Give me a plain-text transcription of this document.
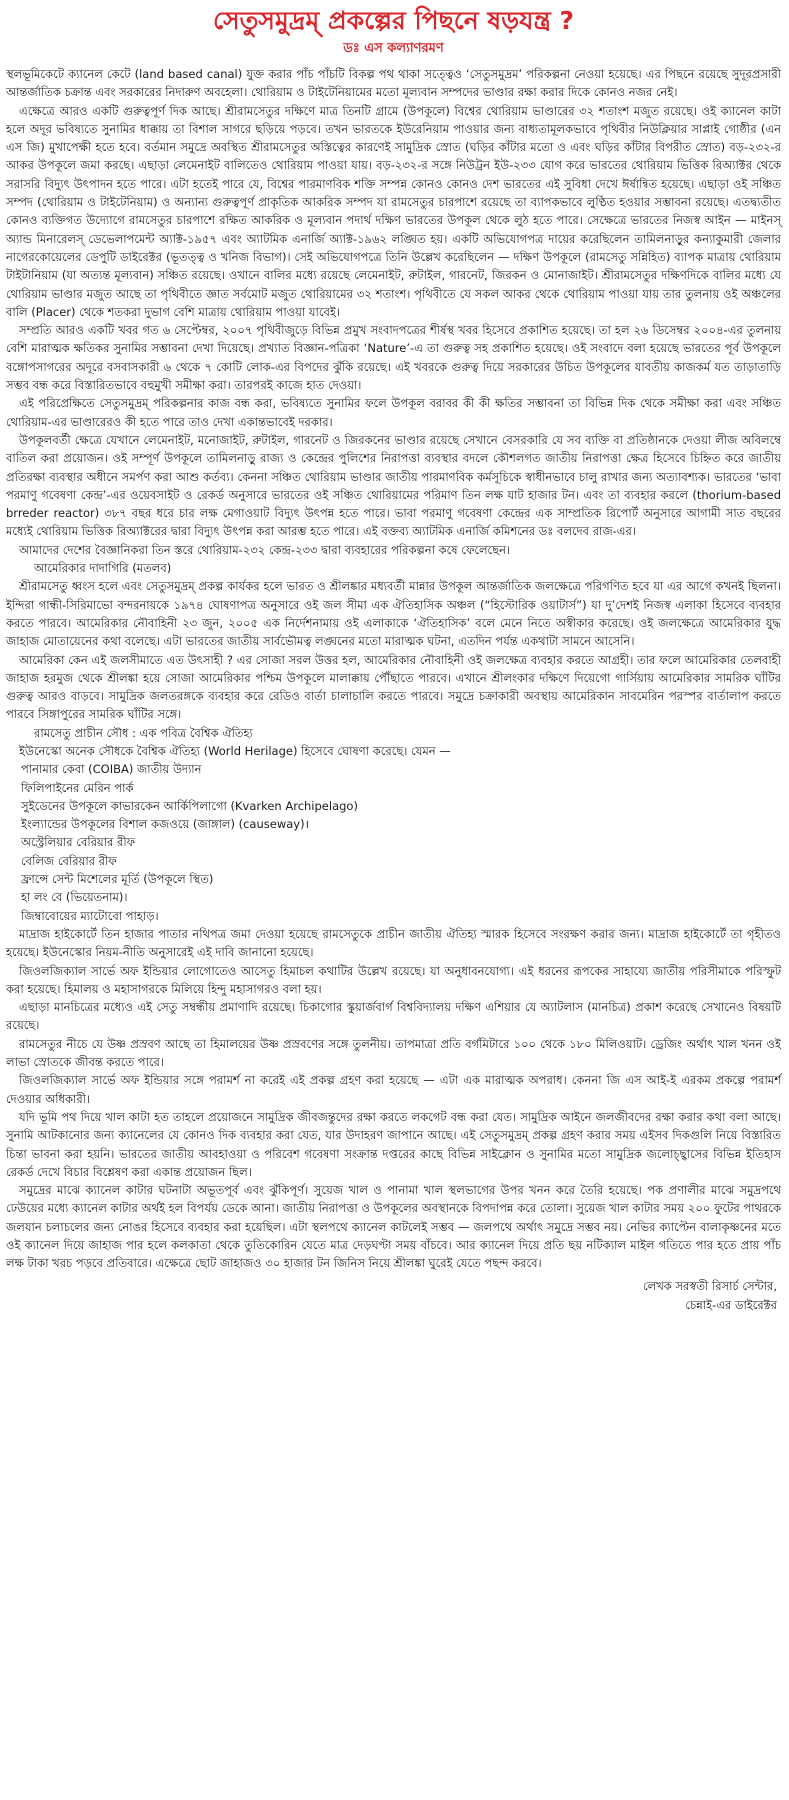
সেতুসমুদ্রম্‌ প্রকল্পের পিছনে ষড়যন্ত্র ?
ডঃ এস কল্যাণরমণ

স্থলভূমিকেটে ক্যানেল কেটে (land based canal) যুক্ত করার পাঁচ পাঁচটি বিকল্প পথ থাকা সত্ত্বেও ‘সেতুসমুদ্রম’ পরিকল্পনা নেওয়া হয়েছে। এর পিছনে রয়েছে সুদূরপ্রসারী আন্তর্জাতিক চক্রান্ত এবং সরকারের নিদারুণ অবহেলা। থোরিয়াম ও টাইটেনিয়ামের মতো মূল্যবান সম্পদের ভাণ্ডার রক্ষা করার দিকে কোনও নজর নেই।

এক্ষেত্রে আরও একটি গুরুত্বপূর্ণ দিক আছে। শ্রীরামসেতুর দক্ষিণে মাত্র তিনটি গ্রামে (উপকূলে) বিশ্বের থোরিয়াম ভাণ্ডারের ৩২ শতাংশ মজুত রয়েছে। ওই ক্যানেল কাটা হলে অদূর ভবিষ্যতে সুনামির ধাক্কায় তা বিশাল সাগরে ছড়িয়ে পড়বে। তখন ভারতকে ইউরেনিয়াম পাওয়ার জন্য বাধ্যতামূলকভাবে পৃথিবীর নিউক্লিয়ার সাপ্লাই গোষ্ঠীর (এন এস জি) মুখাপেক্ষী হতে হবে। বর্তমান সমুদ্রে অবস্থিত শ্রীরামসেতুর অস্তিত্বের কারণেই সামুদ্রিক স্রোত (ঘড়ির কাঁটার মতো ও এবং ঘড়ির কাঁটার বিপরীত স্রোত) বড়-২৩২-র আকর উপকূলে জমা করছে। এছাড়া লেমেনাইট বালিতেও থোরিয়াম পাওয়া যায়। বড়-২৩২-র সঙ্গে নিউট্রন ইউ-২৩৩ যোগ করে ভারতের থোরিয়াম ভিত্তিক রিঅ্যাক্টর থেকে সরাসরি বিদ্যুৎ উৎপাদন হতে পারে। এটা হতেই পারে যে, বিশ্বের পারমাণবিক শক্তি সম্পন্ন কোনও কোনও দেশ ভারতের এই সুবিধা দেখে ঈর্ষান্বিত হয়েছে। এছাড়া ওই সঞ্চিত সম্পদ (থোরিয়াম ও টাইটেনিয়াম) ও অন্যান্য গুরুত্বপূর্ণ প্রাকৃতিক আকরিক সম্পদ যা রামসেতুর চারপাশে রয়েছে তা ব্যাপকভাবে লুণ্ঠিত হওয়ার সম্ভাবনা রয়েছে। এতদ্ব্যতীত কোনও ব্যক্তিগত উদ্যোগে রামসেতুর চারপাশে রক্ষিত আকরিক ও মূল্যবান পদার্থ দক্ষিণ ভারতের উপকূল থেকে লুঠ হতে পারে। সেক্ষেত্রে ভারতের নিজস্ব আইন — মাইনস্‌ অ্যান্ড মিনারেলস্‌ ডেভেলাপমেন্ট অ্যাক্ট-১৯৫৭ এবং অ্যাটমিক এনার্জি অ্যাক্ট-১৯৬২ লঙ্ঘিত হয়। একটি অভিযোগপত্র দায়ের করেছিলেন তামিলনাড়ুর কন্যাকুমারী জেলার নাগেরকোয়েলের ডেপুটি ডাইরেক্টর (ভূতত্ত্ব ও খনিজ বিভাগ)। সেই অভিযোগপত্রে তিনি উল্লেখ করেছিলেন — দক্ষিণ উপকূলে (রামসেতু সন্নিহিত) ব্যাপক মাত্রায় থোরিয়াম টাইটানিয়াম (যা অত্যন্ত মূল্যবান) সঞ্চিত রয়েছে। ওখানে বালির মধ্যে রয়েছে লেমেনাইট, রুটাইল, গারনেট, জিরকন ও মোনাজাইট। শ্রীরামসেতুর দক্ষিণদিকে বালির মধ্যে যে থোরিয়াম ভাণ্ডার মজুত আছে তা পৃথিবীতে জ্ঞাত সর্বমোট মজুত থোরিয়ামের ৩২ শতাংশ। পৃথিবীতে যে সকল আকর থেকে থোরিয়াম পাওয়া যায় তার তুলনায় ওই অঞ্চলের বালি (Placer) থেকে শতকরা দুভাগ বেশি মাত্রায় থোরিয়াম পাওয়া যাবেই।

সম্প্রতি আরও একটি খবর গত ৬ সেপ্টেম্বর, ২০০৭ পৃথিবীজুড়ে বিভিন্ন প্রমুখ সংবাদপত্রের শীর্ষস্থ খবর হিসেবে প্রকাশিত হয়েছে। তা হল ২৬ ডিসেম্বর ২০০৪-এর তুলনায় বেশি মারাত্মক ক্ষতিকর সুনামির সম্ভাবনা দেখা দিয়েছে। প্রখ্যাত বিজ্ঞান-পত্রিকা ‘Nature’-এ তা গুরুত্ব সহ প্রকাশিত হয়েছে। ওই সংবাদে বলা হয়েছে ভারতের পূর্ব উপকূলে বঙ্গোপসাগরের অদূরে বসবাসকারী ৬ থেকে ৭ কোটি লোক-এর বিপদের ঝুঁকি রয়েছে। এই খবরকে গুরুত্ব দিয়ে সরকারের উচিত উপকূলের যাবতীয় কাজকর্ম যত তাড়াতাড়ি সম্ভব বন্ধ করে বিস্তারিতভাবে বহুমুখী সমীক্ষা করা। তারপরই কাজে হাত দেওয়া।

এই পরিপ্রেক্ষিতে সেতুসমুদ্রম্‌ পরিকল্পনার কাজ বন্ধ করা, ভবিষ্যতে সুনামির ফলে উপকূল বরাবর কী কী ক্ষতির সম্ভাবনা তা বিভিন্ন দিক থেকে সমীক্ষা করা এবং সঞ্চিত থোরিয়াম-এর ভাণ্ডারেরও কী হতে পারে তাও দেখা একান্তভাবেই দরকার।

উপকূলবর্তী ক্ষেত্রে যেখানে লেমেনাইট, মনোজাইট, রুটাইল, গারনেট ও জিরকনের ভাণ্ডার রয়েছে সেখানে বেসরকারি যে সব ব্যক্তি বা প্রতিষ্ঠানকে দেওয়া লীজ অবিলম্বে বাতিল করা প্রয়োজন। ওই সম্পূর্ণ উপকূলে তামিলনাড়ু রাজ্য ও কেন্দ্রের পুলিশের নিরাপত্তা ব্যবস্থার বদলে কৌশলগত জাতীয় নিরাপত্তা ক্ষেত্র হিসেবে চিহ্নিত করে জাতীয় প্রতিরক্ষা ব্যবস্থার অধীনে সমর্পণ করা আশু কর্তব্য। কেননা সঞ্চিত থোরিয়াম ভাণ্ডার জাতীয় পারমাণবিক কর্মসূচিকে স্বাধীনভাবে চালু রাখার জন্য অত্যাবশ্যক। ভারতের ‘ভাবা পরমাণু গবেষণা কেন্দ্র’-এর ওয়েবসাইট ও রেকর্ড অনুসারে ভারতের ওই সঞ্চিত থোরিয়ামের পরিমাণ তিন লক্ষ যাট হাজার টন। এবং তা ব্যবহার করলে (thorium-based brreder reactor) ৩৮৭ বছর ধরে চার লক্ষ মেগাওয়াট বিদ্যুৎ উৎপন্ন হতে পারে। ভাবা পরমাণু গবেষণা কেন্দ্রের এক সাম্প্রতিক রিপোর্ট অনুসারে আগামী সাত বছরের মধ্যেই থোরিয়াম ভিত্তিক রিঅ্যাক্টরের দ্বারা বিদ্যুৎ উৎপন্ন করা আরম্ভ হতে পারে। এই বক্তব্য অ্যাটমিক এনার্জি কমিশনের ডঃ বলদেব রাজ-এর।

আমাদের দেশের বৈজ্ঞানিকরা তিন স্তরে থোরিয়াম-২৩২ কেন্দ্র-২৩৩ দ্বারা ব্যবহারের পরিকল্পনা কষে ফেলেছেন।

আমেরিকার দাদাগিরি (মতলব)

শ্রীরামসেতু ধ্বংস হলে এবং সেতুসমুদ্রম্‌ প্রকল্প কার্যকর হলে ভারত ও শ্রীলঙ্কার মধ্যবর্তী মান্নার উপকূল আন্তর্জাতিক জলক্ষেত্রে পরিগণিত হবে যা এর আগে কখনই ছিলনা। ইন্দিরা গান্ধী-সিরিমাভো বন্দরনায়কে ১৯৭৪ ঘোষণাপত্র অনুসারে ওই জল সীমা এক ঐতিহাসিক অঞ্চল (“হিস্টোরিক ওয়াটার্স”) যা দু’দেশই নিজস্ব এলাকা হিসেবে ব্যবহার করতে পারবে। আমেরিকার নৌবাহিনী ২৩ জুন, ২০০৫ এক নির্দেশনামায় ওই এলাকাকে ‘ঐতিহাসিক’ বলে মেনে নিতে অস্বীকার করেছে। ওই জলক্ষেত্রে আমেরিকার যুদ্ধ জাহাজ মোতায়েনের কথা বলেছে। এটা ভারতের জাতীয় সার্বভৌমত্ব লঙ্ঘনের মতো মারাত্মক ঘটনা, এতদিন পর্যন্ত একথাটা সামনে আসেনি।

আমেরিকা কেন এই জলসীমাতে এত উৎসাহী ? এর সোজা সরল উত্তর হল, আমেরিকার নৌবাহিনী ওই জলক্ষেত্র ব্যবহার করতে আগ্রহী। তার ফলে আমেরিকার তেলবাহী জাহাজ হরমুজ থেকে শ্রীলঙ্কা হয়ে সোজা আমেরিকার পশ্চিম উপকূলে মালাক্কায় পৌঁছাতে পারবে। এখানে শ্রীলংকার দক্ষিণে দিয়েগো গার্সিয়ায় আমেরিকার সামরিক ঘাঁটির গুরুত্ব আরও বাড়বে। সামুদ্রিক জলতরঙ্গকে ব্যবহার করে রেডিও বার্তা চালাচালি করতে পারবে। সমুদ্রে চক্রাকারী অবস্থায় আমেরিকান সাবমেরিন পরস্পর বার্তালাপ করতে পারবে সিঙ্গাপুরের সামরিক ঘাঁটির সঙ্গে।

রামসেতু প্রাচীন সৌধ : এক পবিত্র বৈশ্বিক ঐতিহ্য

ইউনেস্কো অনেক সৌধকে বৈশ্বিক ঐতিহ্য (World Herilage) হিসেবে ঘোষণা করেছে। যেমন —

পানামার কেবা (COIBA) জাতীয় উদ্যান

ফিলিপাইনের মেরিন পার্ক

সুইডেনের উপকূলে কাভারকেন আর্কিপিলাগো (Kvarken Archipelago)

ইংল্যান্ডের উপকূলের বিশাল কজওয়ে (জাঙ্গাল) (causeway)।

অস্ট্রেলিয়ার বেরিয়ার রীফ

বেলিজ বেরিয়ার রীফ

ফ্রান্সে সেন্ট মিশেলের মূর্তি (উপকূলে স্থিত)

হা লং বে (ভিয়েতনাম)।

জিম্বাবোয়ের ম্যাটোবো পাহাড়।

মাদ্রাজ হাইকোর্টে তিন হাজার পাতার নথিপত্র জমা দেওয়া হয়েছে রামসেতুকে প্রাচীন জাতীয় ঐতিহ্য স্মারক হিসেবে সংরক্ষণ করার জন্য। মাদ্রাজ হাইকোর্টে তা গৃহীতও হয়েছে। ইউনেস্কোর নিয়ম-নীতি অনুসারেই এই দাবি জানানো হয়েছে।

জিওলজিক্যাল সার্ভে অফ ইন্ডিয়ার লোগোতেও আসেতু হিমাচল কথাটির উল্লেখ রয়েছে। যা অনুধাবনযোগ্য। এই ধরনের রূপকের সাহায্যে জাতীয় পরিসীমাকে পরিস্ফুট করা হয়েছে। হিমালয় ও মহাসাগরকে মিলিয়ে হিন্দু মহাসাগরও বলা হয়।

এছাড়া মানচিত্রের মধ্যেও এই সেতু সম্বন্ধীয় প্রমাণাদি রয়েছে। চিকাগোর স্কুয়ার্জবার্গ বিশ্ববিদ্যালয় দক্ষিণ এশিয়ার যে অ্যাটলাস (মানচিত্র) প্রকাশ করেছে সেখানেও বিষয়টি রয়েছে।

রামসেতুর নীচে যে উষ্ণ প্রস্রবণ আছে তা হিমালয়ের উষ্ণ প্রস্রবণের সঙ্গে তুলনীয়। তাপমাত্রা প্রতি বর্গমিটারে ১০০ থেকে ১৮০ মিলিওয়াট। ড্রেজিং অর্থাৎ খাল খনন ওই লাভা স্রোতকে জীবন্ত করতে পারে।

জিওলজিক্যাল সার্ভে অফ ইন্ডিয়ার সঙ্গে পরামর্শ না করেই এই প্রকল্প গ্রহণ করা হয়েছে — এটা এক মারাত্মক অপরাধ। কেননা জি এস আই-ই এরকম প্রকল্পে পরামর্শ দেওয়ার অধিকারী।

যদি ভূমি পথ দিয়ে খাল কাটা হত তাহলে প্রয়োজনে সামুদ্রিক জীবজন্তুদের রক্ষা করতে লকগেট বন্ধ করা যেত। সামুদ্রিক আইনে জলজীবদের রক্ষা করার কথা বলা আছে। সুনামি আটকানোর জন্য ক্যানেলের যে কোনও দিক ব্যবহার করা যেত, যার উদাহরণ জাপানে আছে। এই সেতুসমুদ্রম্‌ প্রকল্প গ্রহণ করার সময় এইসব দিকগুলি নিয়ে বিস্তারিত চিন্তা ভাবনা করা হয়নি। ভারতের জাতীয় আবহাওয়া ও পরিবেশ গবেষণা সংক্রান্ত দপ্তরের কাছে বিভিন্ন সাইক্লোন ও সুনামির মতো সামুদ্রিক জলোচ্ছ্বাসের বিভিন্ন ইতিহাস রেকর্ড দেখে বিচার বিশ্লেষণ করা একান্ত প্রয়োজন ছিল।

সমুদ্রের মাঝে ক্যানেল কাটার ঘটনাটা অভূতপূর্ব এবং ঝুঁকিপূর্ণ। সুয়েজ খাল ও পানামা খাল স্থলভাগের উপর খনন করে তৈরি হয়েছে। পক প্রণালীর মাঝে সমুদ্রপথে ঢেউয়ের মধ্যে ক্যানেল কাটার অর্থই হল বিপর্যয় ডেকে আনা। জাতীয় নিরাপত্তা ও উপকূলের অবস্থানকে বিপদাপন্ন করে তোলা। সুয়েজ খাল কাটার সময় ২০০ ফুটের পাথরকে জলযান চলাচলের জন্য নোঙর হিসেবে ব্যবহার করা হয়েছিল। এটা স্থলপথে ক্যানেল কাটলেই সম্ভব — জলপথে অর্থাৎ সমুদ্রে সম্ভব নয়। নেভির ক্যাপ্টেন বালাকৃষ্ণনের মতে ওই ক্যানেল দিয়ে জাহাজ পার হলে কলকাতা থেকে তুতিকোরিন যেতে মাত্র দেড়ঘণ্টা সময় বাঁচবে। আর ক্যানেল দিয়ে প্রতি ছয় নটিক্যাল মাইল গতিতে পার হতে প্রায় পাঁচ লক্ষ টাকা খরচ পড়বে প্রতিবারে। এক্ষেত্রে ছোট জাহাজও ৩০ হাজার টন জিনিস নিয়ে শ্রীলঙ্কা ঘুরেই যেতে পছন্দ করবে।

লেখক সরস্বতী রিসার্চ সেন্টার,
চেন্নাই-এর ডাইরেক্টর
